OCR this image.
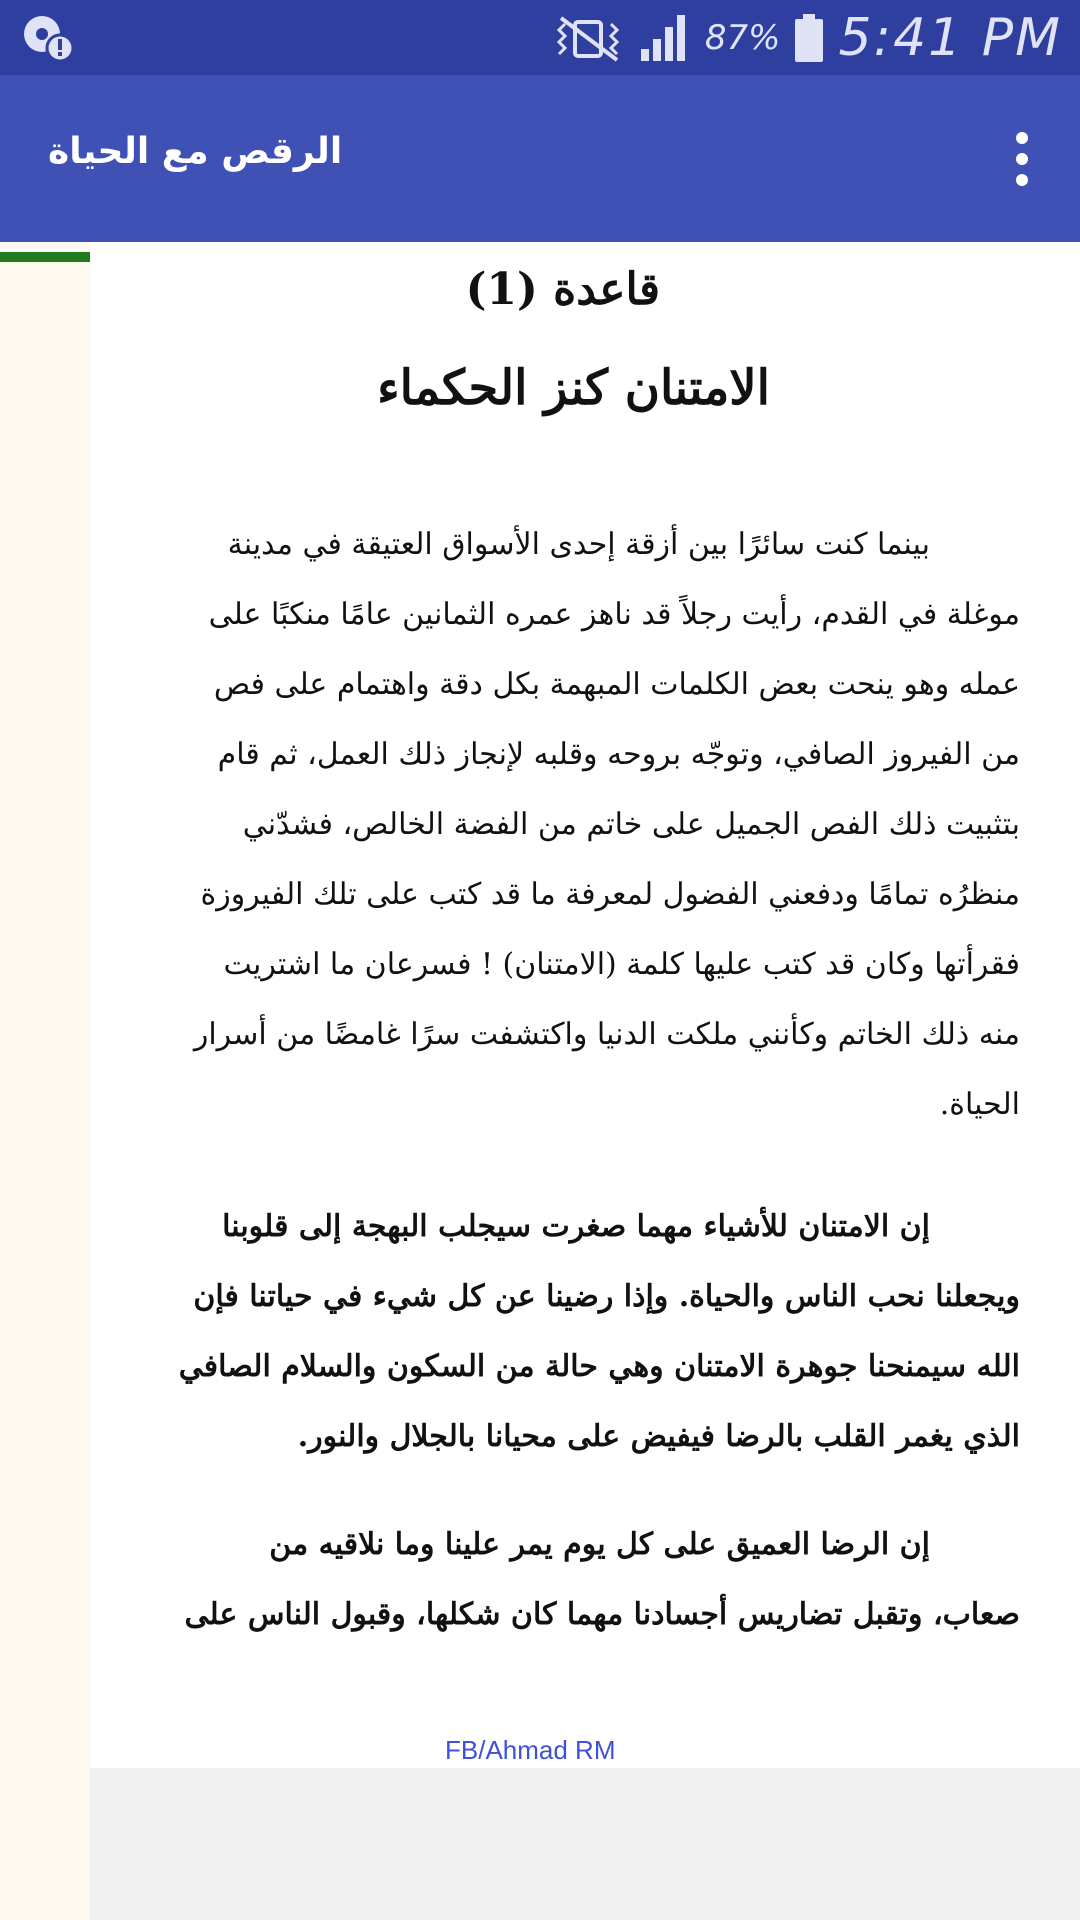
87% 5:41 PM
الرقص مع الحياة
قاعدة (1)
الامتنان كنز الحكماء
بينما كنت سائرًا بين أزقة إحدى الأسواق العتيقة في مدينة
موغلة في القدم، رأيت رجلاً قد ناهز عمره الثمانين عامًا منكبًا على
عمله وهو ينحت بعض الكلمات المبهمة بكل دقة واهتمام على فص
من الفيروز الصافي، وتوجّه بروحه وقلبه لإنجاز ذلك العمل، ثم قام
بتثبيت ذلك الفص الجميل على خاتم من الفضة الخالص، فشدّني
منظرُه تمامًا ودفعني الفضول لمعرفة ما قد كتب على تلك الفيروزة
فقرأتها وكان قد كتب عليها كلمة (الامتنان) ! فسرعان ما اشتريت
منه ذلك الخاتم وكأنني ملكت الدنيا واكتشفت سرًا غامضًا من أسرار
الحياة.
إن الامتنان للأشياء مهما صغرت سيجلب البهجة إلى قلوبنا
ويجعلنا نحب الناس والحياة. وإذا رضينا عن كل شيء في حياتنا فإن
الله سيمنحنا جوهرة الامتنان وهي حالة من السكون والسلام الصافي
الذي يغمر القلب بالرضا فيفيض على محيانا بالجلال والنور.
إن الرضا العميق على كل يوم يمر علينا وما نلاقيه من
صعاب، وتقبل تضاريس أجسادنا مهما كان شكلها، وقبول الناس على
FB/Ahmad RM
